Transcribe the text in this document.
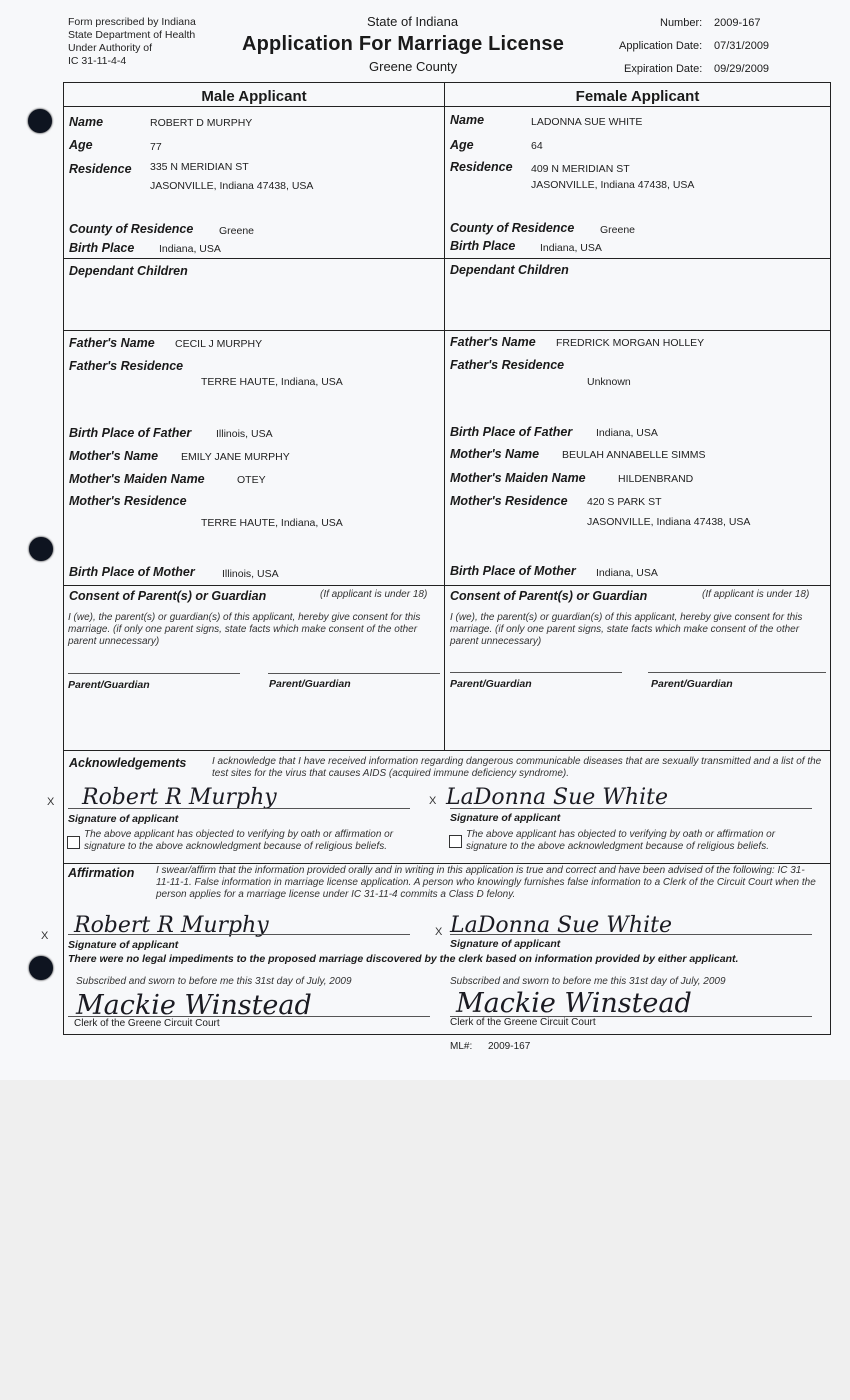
Form prescribed by Indiana
State Department of Health
Under Authority of
IC 31-11-4-4
State of Indiana
Application For Marriage License
Greene County
Number: 2009-167
Application Date: 07/31/2009
Expiration Date: 09/29/2009
Male Applicant	Female Applicant
Name	ROBERT D MURPHY
Age	77
Residence 335 N MERIDIAN ST
JASONVILLE, Indiana 47438, USA
County of Residence Greene
Birth Place Indiana, USA
Dependant Children
Father's Name CECIL J MURPHY
Father's Residence
TERRE HAUTE, Indiana, USA
Birth Place of Father Illinois, USA
Mother's Name EMILY JANE MURPHY
Mother's Maiden Name	OTEY
Mother's Residence
TERRE HAUTE, Indiana, USA
Birth Place of Mother	Illinois, USA
Name	LADONNA SUE WHITE
Age	64
Residence 409 N MERIDIAN ST
JASONVILLE, Indiana 47438, USA
County of Residence Greene
Birth Place Indiana, USA
Dependant Children
Father's Name FREDRICK MORGAN HOLLEY
Father's Residence
Unknown
Birth Place of Father Indiana, USA
Mother's Name BEULAH ANNABELLE SIMMS
Mother's Maiden Name	HILDENBRAND
Mother's Residence 420 S PARK ST
JASONVILLE, Indiana 47438, USA
Birth Place of Mother Indiana, USA
Consent of Parent(s) or Guardian	(If applicant is under 18)
I (we), the parent(s) or guardian(s) of this applicant, hereby give consent for this marriage. (if only one parent signs, state facts which make consent of the other parent unnecessary)
Parent/Guardian	Parent/Guardian
Consent of Parent(s) or Guardian	(If applicant is under 18)
I (we), the parent(s) or guardian(s) of this applicant, hereby give consent for this marriage. (if only one parent signs, state facts which make consent of the other parent unnecessary)
Parent/Guardian	Parent/Guardian
Acknowledgements	I acknowledge that I have received information regarding dangerous communicable diseases that are sexually transmitted and a list of the test sites for the virus that causes AIDS (acquired immune deficiency syndrome).
X	X
Robert R Murphy	LaDonna Sue White
Signature of applicant	Signature of applicant
The above applicant has objected to verifying by oath or affirmation or signature to the above acknowledgment because of religious beliefs.
The above applicant has objected to verifying by oath or affirmation or signature to the above acknowledgment because of religious beliefs.
Affirmation I swear/affirm that the information provided orally and in writing in this application is true and correct and have been advised of the following: IC 31-11-11-1. False information in marriage license application. A person who knowingly furnishes false information to a Clerk of the Circuit Court when the person applies for a marriage license under IC 31-11-4 commits a Class D felony.
X	X
Robert R Murphy	LaDonna Sue White
Signature of applicant	Signature of applicant
There were no legal impediments to the proposed marriage discovered by the clerk based on information provided by either applicant.
Subscribed and sworn to before me this 31st day of July, 2009	Subscribed and sworn to before me this 31st day of July, 2009
Mackie Winstead	Mackie Winstead
Clerk of the Greene Circuit Court	Clerk of the Greene Circuit Court
ML#: 2009-167
